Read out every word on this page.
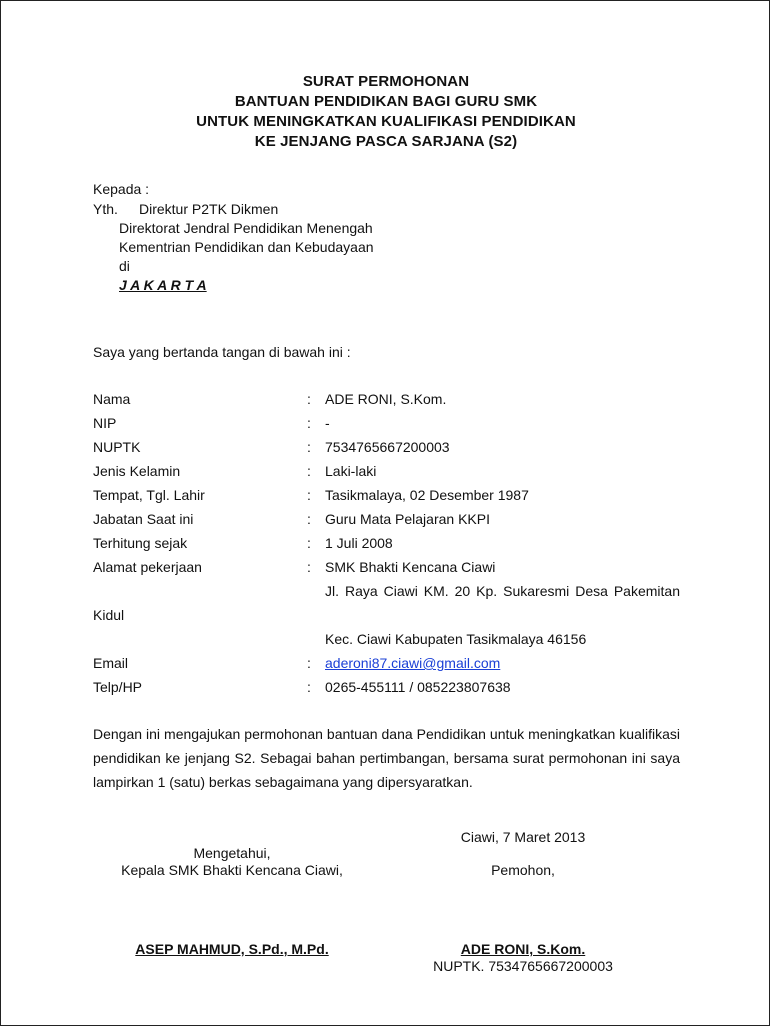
SURAT PERMOHONAN
BANTUAN PENDIDIKAN BAGI GURU SMK
UNTUK MENINGKATKAN KUALIFIKASI PENDIDIKAN
KE JENJANG PASCA SARJANA (S2)
Kepada :
Yth. Direktur P2TK Dikmen
Direktorat Jendral Pendidikan Menengah
Kementrian Pendidikan dan Kebudayaan
di
J A K A R T A
Saya yang bertanda tangan di bawah ini :
Nama	: ADE RONI, S.Kom.
NIP	: -
NUPTK	: 7534765667200003
Jenis Kelamin	: Laki-laki
Tempat, Tgl. Lahir	: Tasikmalaya, 02 Desember 1987
Jabatan Saat ini	: Guru Mata Pelajaran KKPI
Terhitung sejak	: 1 Juli 2008
Alamat pekerjaan	: SMK Bhakti Kencana Ciawi
Jl. Raya Ciawi KM. 20 Kp. Sukaresmi Desa Pakemitan
Kidul
Kec. Ciawi Kabupaten Tasikmalaya 46156
Email	: aderoni87.ciawi@gmail.com
Telp/HP	: 0265-455111 / 085223807638
Dengan ini mengajukan permohonan bantuan dana Pendidikan untuk meningkatkan kualifikasi
pendidikan ke jenjang S2. Sebagai bahan pertimbangan, bersama surat permohonan ini saya
lampirkan 1 (satu) berkas sebagaimana yang dipersyaratkan.
Ciawi, 7 Maret 2013
Mengetahui,
Kepala SMK Bhakti Kencana Ciawi,	Pemohon,
ASEP MAHMUD, S.Pd., M.Pd.	ADE RONI, S.Kom.
NUPTK. 7534765667200003
